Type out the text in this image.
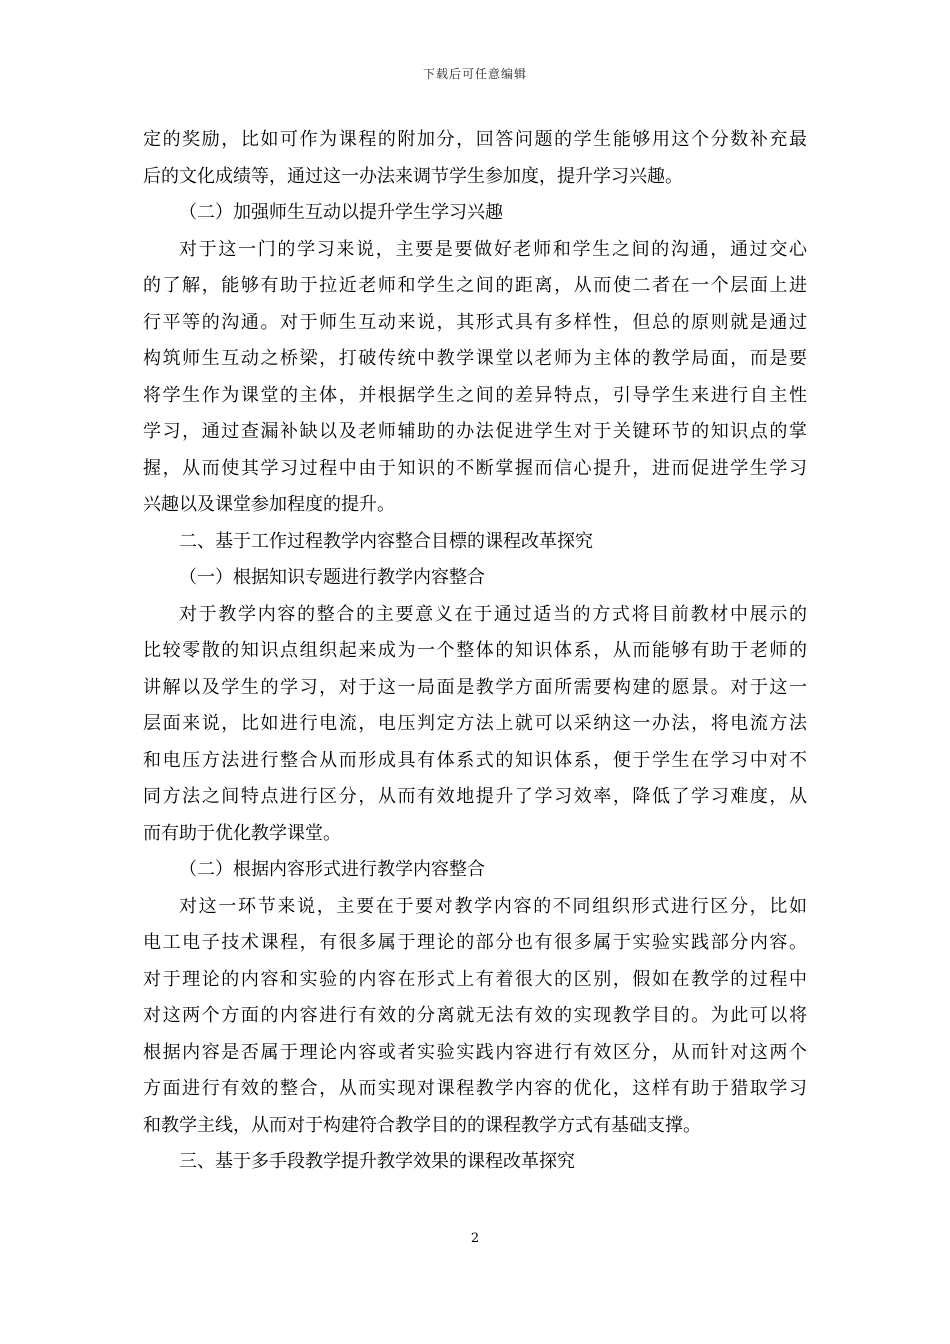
下载后可任意编辑
定的奖励，比如可作为课程的附加分，回答问题的学生能够用这个分数补充最
后的文化成绩等，通过这一办法来调节学生参加度，提升学习兴趣。
（二）加强师生互动以提升学生学习兴趣
对于这一门的学习来说，主要是要做好老师和学生之间的沟通，通过交心
的了解，能够有助于拉近老师和学生之间的距离，从而使二者在一个层面上进
行平等的沟通。对于师生互动来说，其形式具有多样性，但总的原则就是通过
构筑师生互动之桥梁，打破传统中教学课堂以老师为主体的教学局面，而是要
将学生作为课堂的主体，并根据学生之间的差异特点，引导学生来进行自主性
学习，通过查漏补缺以及老师辅助的办法促进学生对于关键环节的知识点的掌
握，从而使其学习过程中由于知识的不断掌握而信心提升，进而促进学生学习
兴趣以及课堂参加程度的提升。
二、基于工作过程教学内容整合目標的课程改革探究
（一）根据知识专题进行教学内容整合
对于教学内容的整合的主要意义在于通过适当的方式将目前教材中展示的
比较零散的知识点组织起来成为一个整体的知识体系，从而能够有助于老师的
讲解以及学生的学习，对于这一局面是教学方面所需要构建的愿景。对于这一
层面来说，比如进行电流，电压判定方法上就可以采纳这一办法，将电流方法
和电压方法进行整合从而形成具有体系式的知识体系，便于学生在学习中对不
同方法之间特点进行区分，从而有效地提升了学习效率，降低了学习难度，从
而有助于优化教学课堂。
（二）根据内容形式进行教学内容整合
对这一环节来说，主要在于要对教学内容的不同组织形式进行区分，比如
电工电子技术课程，有很多属于理论的部分也有很多属于实验实践部分内容。
对于理论的内容和实验的内容在形式上有着很大的区别，假如在教学的过程中
对这两个方面的内容进行有效的分离就无法有效的实现教学目的。为此可以将
根据内容是否属于理论内容或者实验实践内容进行有效区分，从而针对这两个
方面进行有效的整合，从而实现对课程教学内容的优化，这样有助于猎取学习
和教学主线，从而对于构建符合教学目的的课程教学方式有基础支撑。
三、基于多手段教学提升教学效果的课程改革探究
2
